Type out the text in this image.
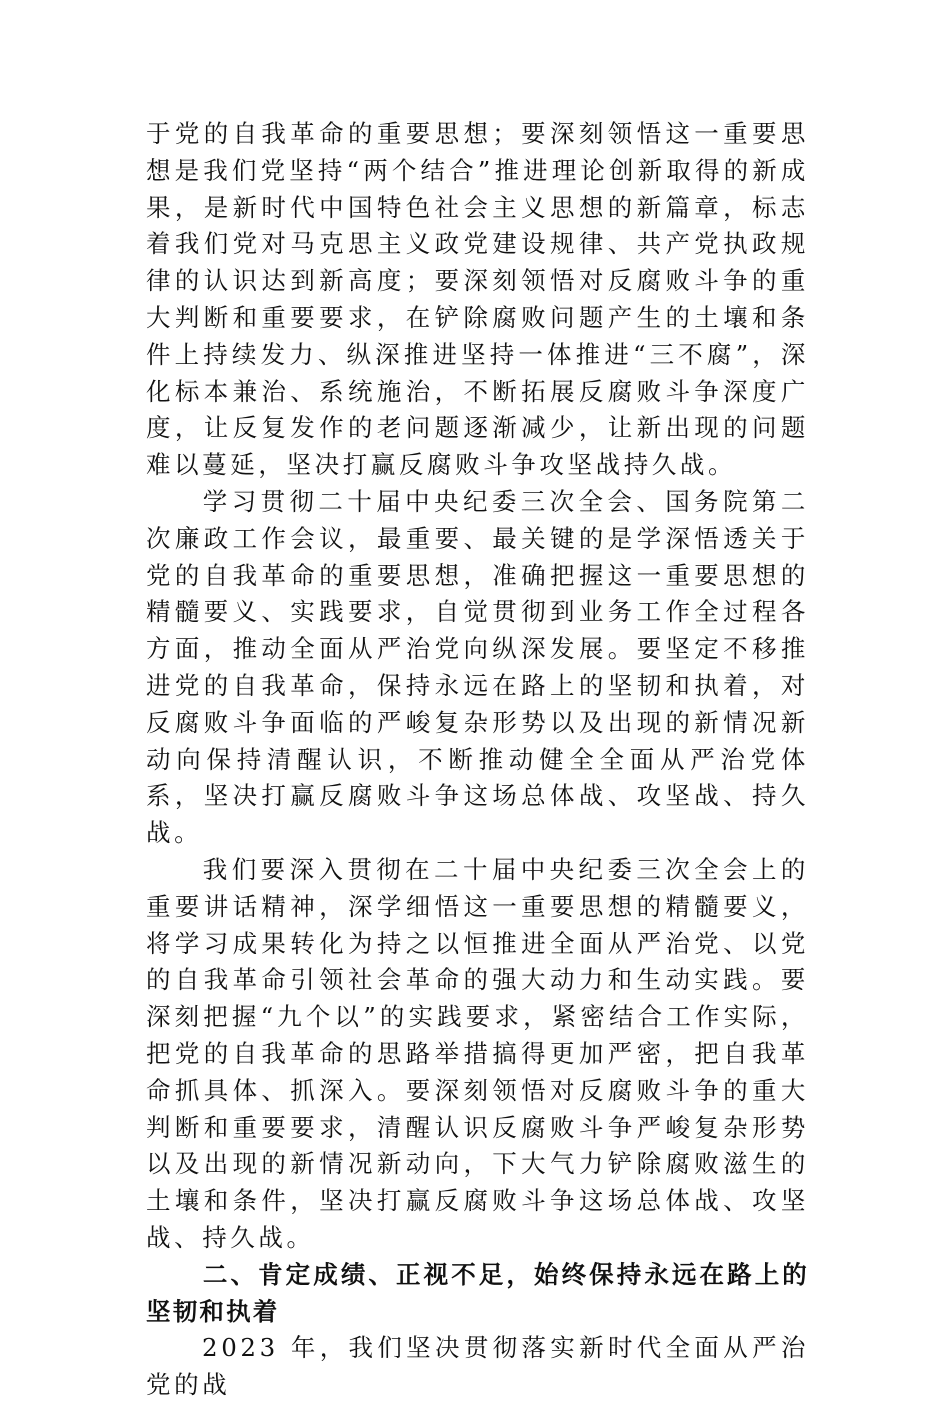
于党的自我革命的重要思想；要深刻领悟这一重要思想是我们党坚持“两个结合”推进理论创新取得的新成果，是新时代中国特色社会主义思想的新篇章，标志着我们党对马克思主义政党建设规律、共产党执政规律的认识达到新高度；要深刻领悟对反腐败斗争的重大判断和重要要求，在铲除腐败问题产生的土壤和条件上持续发力、纵深推进坚持一体推进“三不腐”，深化标本兼治、系统施治，不断拓展反腐败斗争深度广度，让反复发作的老问题逐渐减少，让新出现的问题难以蔓延，坚决打赢反腐败斗争攻坚战持久战。

学习贯彻二十届中央纪委三次全会、国务院第二次廉政工作会议，最重要、最关键的是学深悟透关于党的自我革命的重要思想，准确把握这一重要思想的精髓要义、实践要求，自觉贯彻到业务工作全过程各方面，推动全面从严治党向纵深发展。要坚定不移推进党的自我革命，保持永远在路上的坚韧和执着，对反腐败斗争面临的严峻复杂形势以及出现的新情况新动向保持清醒认识，不断推动健全全面从严治党体系，坚决打赢反腐败斗争这场总体战、攻坚战、持久战。

我们要深入贯彻在二十届中央纪委三次全会上的重要讲话精神，深学细悟这一重要思想的精髓要义，将学习成果转化为持之以恒推进全面从严治党、以党的自我革命引领社会革命的强大动力和生动实践。要深刻把握“九个以”的实践要求，紧密结合工作实际，把党的自我革命的思路举措搞得更加严密，把自我革命抓具体、抓深入。要深刻领悟对反腐败斗争的重大判断和重要要求，清醒认识反腐败斗争严峻复杂形势以及出现的新情况新动向，下大气力铲除腐败滋生的土壤和条件，坚决打赢反腐败斗争这场总体战、攻坚战、持久战。

二、肯定成绩、正视不足，始终保持永远在路上的坚韧和执着

2023 年，我们坚决贯彻落实新时代全面从严治党的战
